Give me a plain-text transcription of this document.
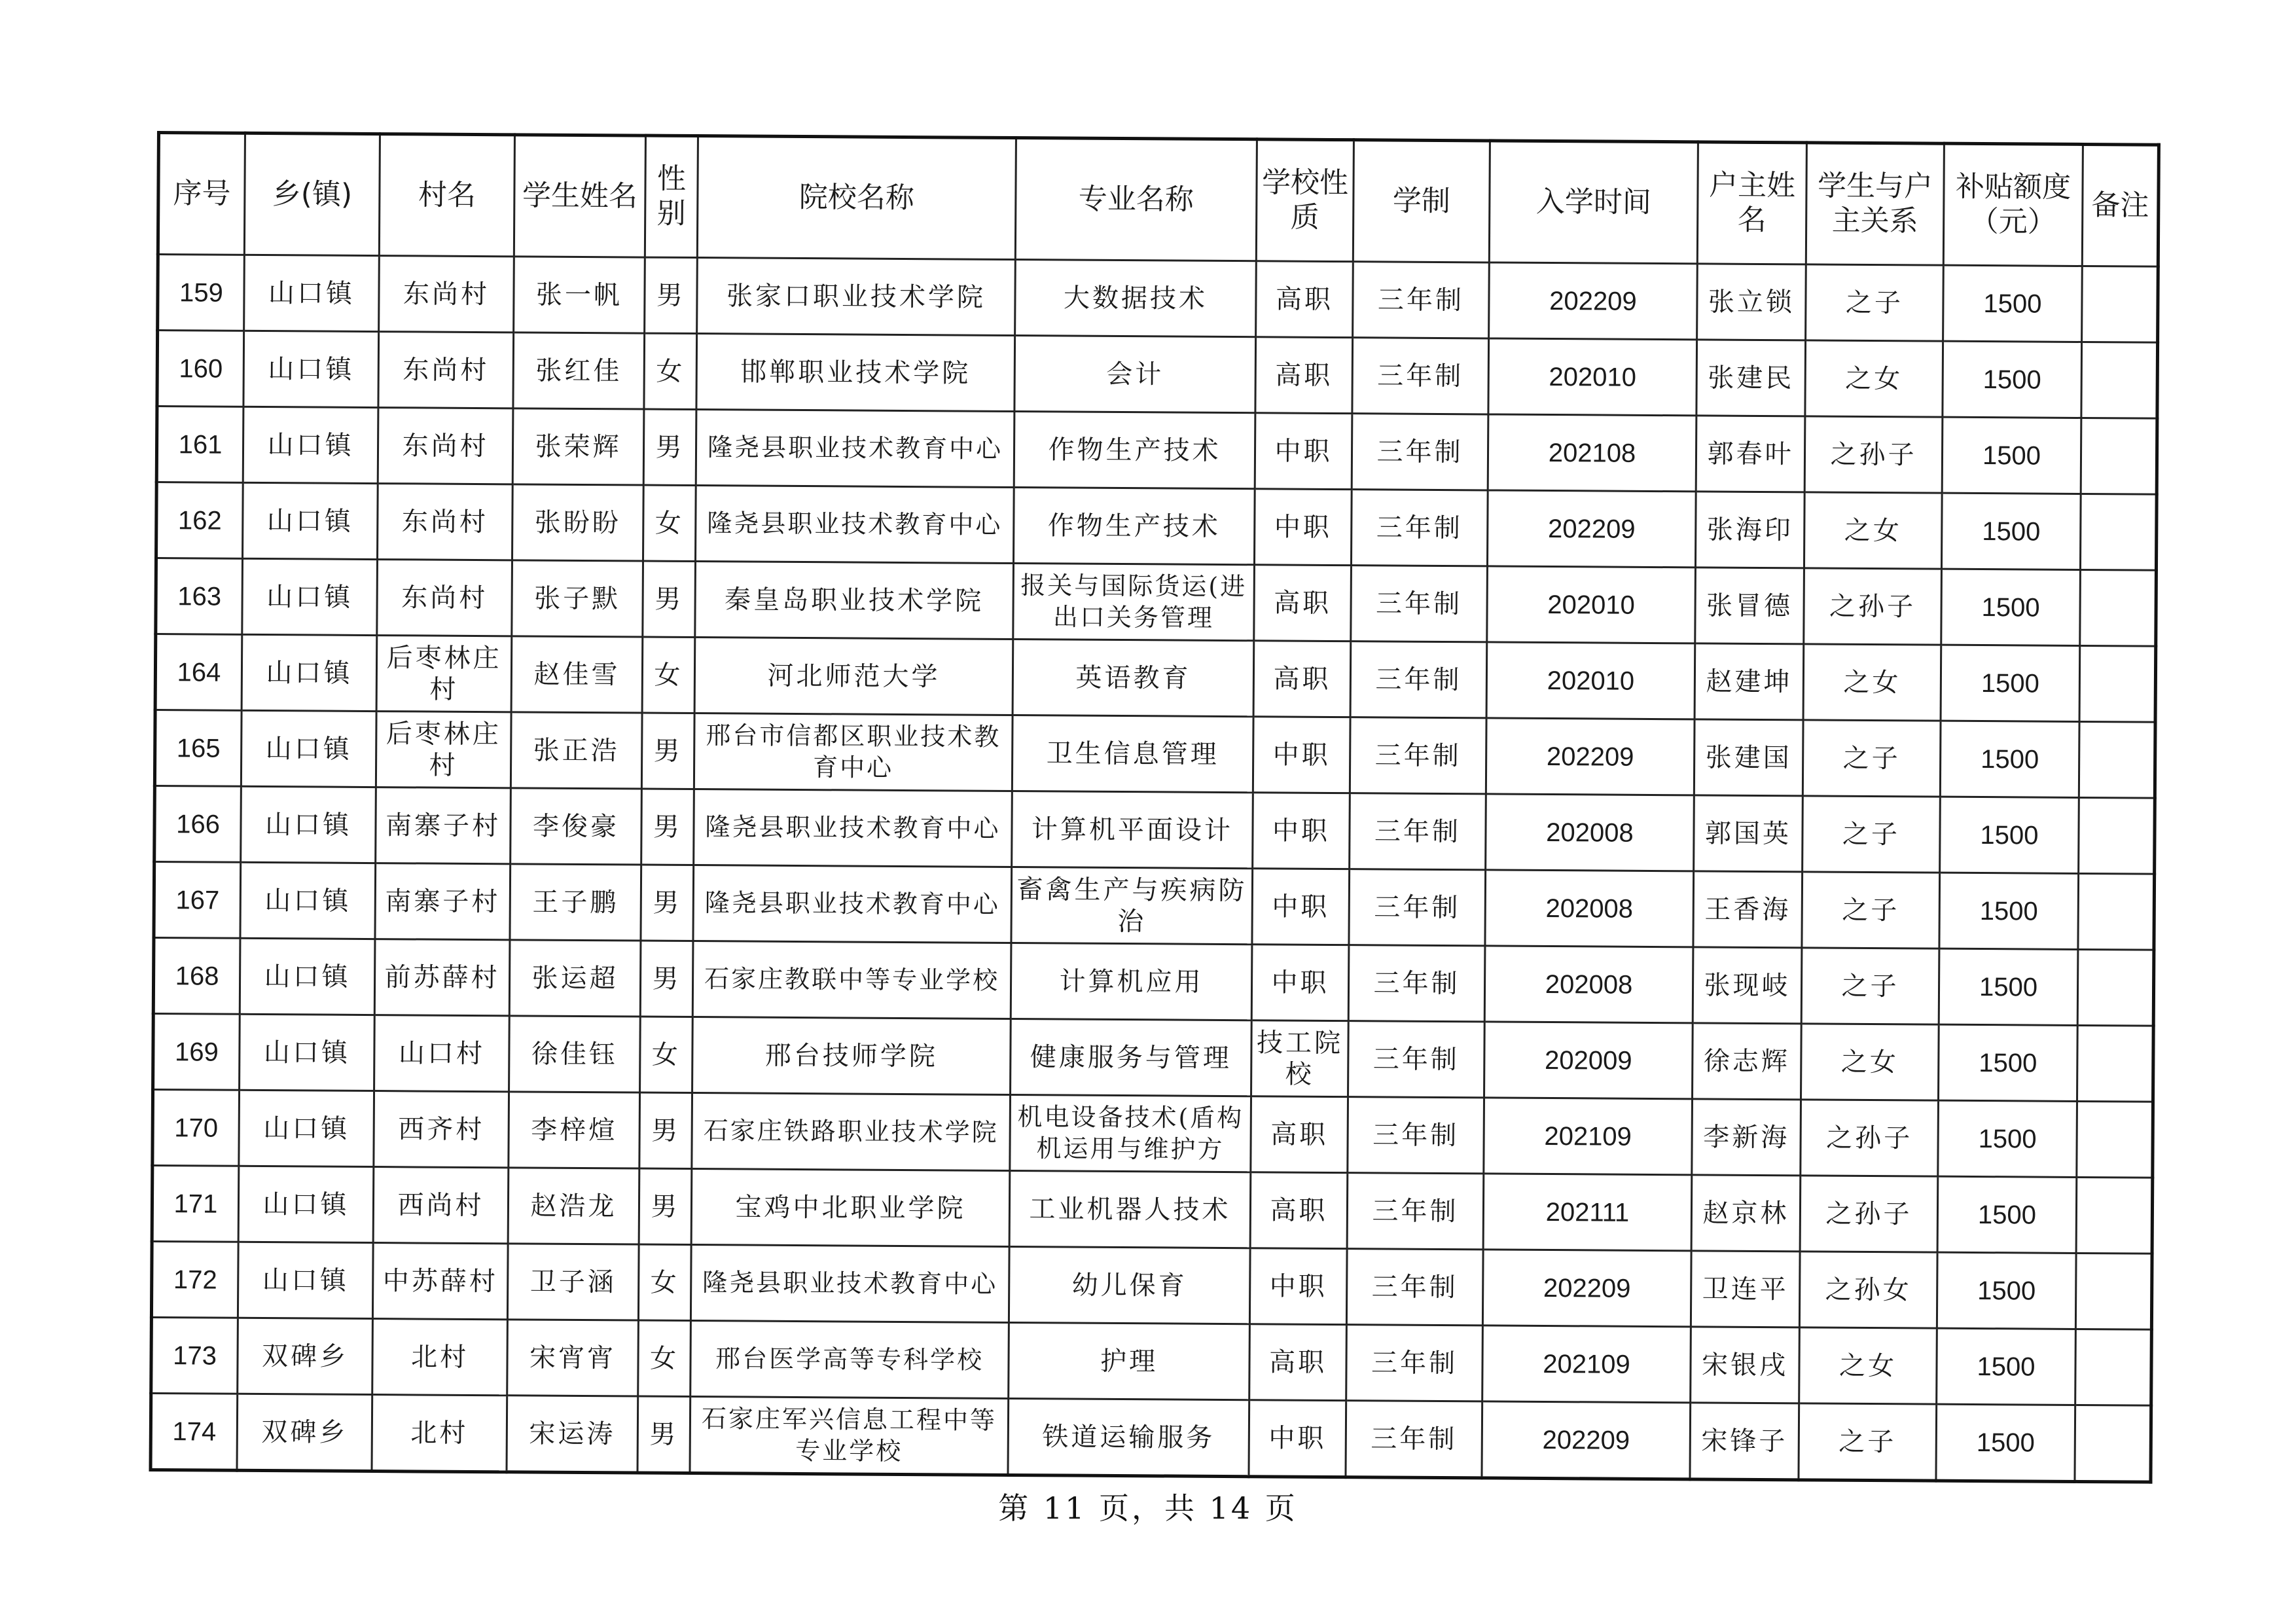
序号	乡(镇)	村名	学生姓名	性别	院校名称	专业名称	学校性质	学制	入学时间	户主姓名	学生与户主关系	补贴额度（元）	备注
159	山口镇	东尚村	张一帆	男	张家口职业技术学院	大数据技术	高职	三年制	202209	张立锁	之子	1500	
160	山口镇	东尚村	张红佳	女	邯郸职业技术学院	会计	高职	三年制	202010	张建民	之女	1500	
161	山口镇	东尚村	张荣辉	男	隆尧县职业技术教育中心	作物生产技术	中职	三年制	202108	郭春叶	之孙子	1500	
162	山口镇	东尚村	张盼盼	女	隆尧县职业技术教育中心	作物生产技术	中职	三年制	202209	张海印	之女	1500	
163	山口镇	东尚村	张子默	男	秦皇岛职业技术学院	报关与国际货运(进出口关务管理	高职	三年制	202010	张冒德	之孙子	1500	
164	山口镇	后枣林庄村	赵佳雪	女	河北师范大学	英语教育	高职	三年制	202010	赵建坤	之女	1500	
165	山口镇	后枣林庄村	张正浩	男	邢台市信都区职业技术教育中心	卫生信息管理	中职	三年制	202209	张建国	之子	1500	
166	山口镇	南寨子村	李俊豪	男	隆尧县职业技术教育中心	计算机平面设计	中职	三年制	202008	郭国英	之子	1500	
167	山口镇	南寨子村	王子鹏	男	隆尧县职业技术教育中心	畜禽生产与疾病防治	中职	三年制	202008	王香海	之子	1500	
168	山口镇	前苏薛村	张运超	男	石家庄教联中等专业学校	计算机应用	中职	三年制	202008	张现岐	之子	1500	
169	山口镇	山口村	徐佳钰	女	邢台技师学院	健康服务与管理	技工院校	三年制	202009	徐志辉	之女	1500	
170	山口镇	西齐村	李梓煊	男	石家庄铁路职业技术学院	机电设备技术(盾构机运用与维护方	高职	三年制	202109	李新海	之孙子	1500	
171	山口镇	西尚村	赵浩龙	男	宝鸡中北职业学院	工业机器人技术	高职	三年制	202111	赵京林	之孙子	1500	
172	山口镇	中苏薛村	卫子涵	女	隆尧县职业技术教育中心	幼儿保育	中职	三年制	202209	卫连平	之孙女	1500	
173	双碑乡	北村	宋宵宵	女	邢台医学高等专科学校	护理	高职	三年制	202109	宋银戌	之女	1500	
174	双碑乡	北村	宋运涛	男	石家庄军兴信息工程中等专业学校	铁道运输服务	中职	三年制	202209	宋锋子	之子	1500	
第 11 页，共 14 页
